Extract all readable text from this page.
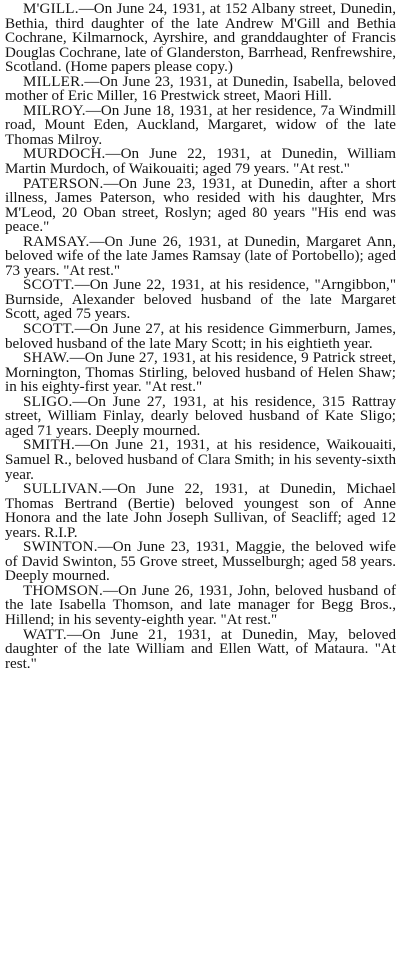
M'GILL.—On June 24, 1931, at 152 Albany street, Dunedin, Bethia, third daughter of the late Andrew M'Gill and Bethia Cochrane, Kilmarnock, Ayrshire, and granddaughter of Francis Douglas Cochrane, late of Glanderston, Barrhead, Renfrewshire, Scotland. (Home papers please copy.)

MILLER.—On June 23, 1931, at Dunedin, Isabella, beloved mother of Eric Miller, 16 Prestwick street, Maori Hill.

MILROY.—On June 18, 1931, at her residence, 7a Windmill road, Mount Eden, Auckland, Margaret, widow of the late Thomas Milroy.

MURDOCH.—On June 22, 1931, at Dunedin, William Martin Murdoch, of Waikouaiti; aged 79 years. "At rest."

PATERSON.—On June 23, 1931, at Dunedin, after a short illness, James Paterson, who resided with his daughter, Mrs M'Leod, 20 Oban street, Roslyn; aged 80 years "His end was peace."

RAMSAY.—On June 26, 1931, at Dunedin, Margaret Ann, beloved wife of the late James Ramsay (late of Portobello); aged 73 years. "At rest."

SCOTT.—On June 22, 1931, at his residence, "Arngibbon," Burnside, Alexander beloved husband of the late Margaret Scott, aged 75 years.

SCOTT.—On June 27, at his residence Gimmerburn, James, beloved husband of the late Mary Scott; in his eightieth year.

SHAW.—On June 27, 1931, at his residence, 9 Patrick street, Mornington, Thomas Stirling, beloved husband of Helen Shaw; in his eighty-first year. "At rest."

SLIGO.—On June 27, 1931, at his residence, 315 Rattray street, William Finlay, dearly beloved husband of Kate Sligo; aged 71 years. Deeply mourned.

SMITH.—On June 21, 1931, at his residence, Waikouaiti, Samuel R., beloved husband of Clara Smith; in his seventy-sixth year.

SULLIVAN.—On June 22, 1931, at Dunedin, Michael Thomas Bertrand (Bertie) beloved youngest son of Anne Honora and the late John Joseph Sullivan, of Seacliff; aged 12 years. R.I.P.

SWINTON.—On June 23, 1931, Maggie, the beloved wife of David Swinton, 55 Grove street, Musselburgh; aged 58 years. Deeply mourned.

THOMSON.—On June 26, 1931, John, beloved husband of the late Isabella Thomson, and late manager for Begg Bros., Hillend; in his seventy-eighth year. "At rest."

WATT.—On June 21, 1931, at Dunedin, May, beloved daughter of the late William and Ellen Watt, of Mataura. "At rest."
